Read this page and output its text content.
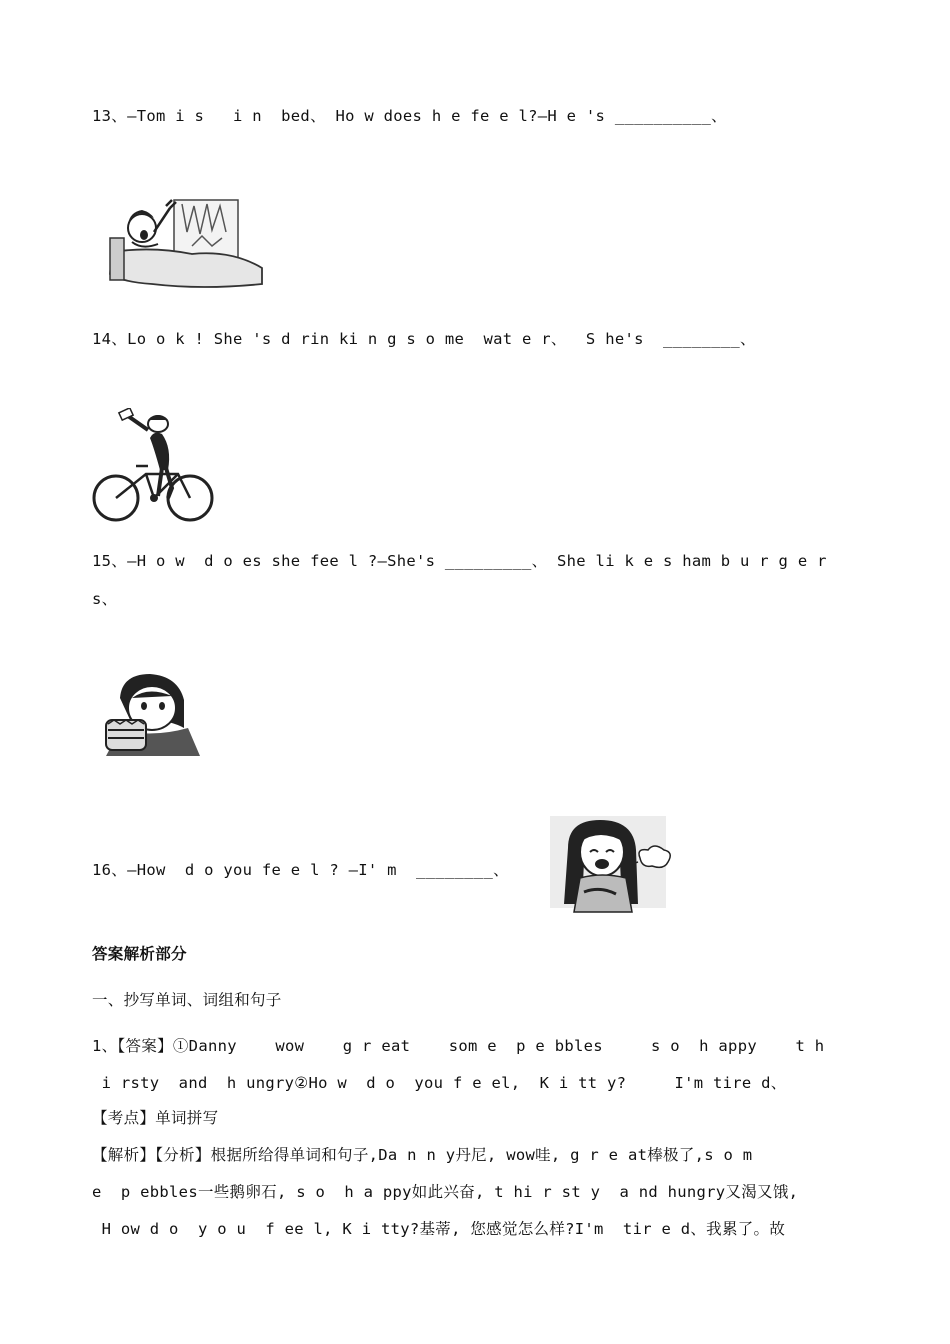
13、—Tom i s   i n  bed、 Ho w does h e fe e l?—H e 's __________、
14、Lo o k ! She 's d rin ki n g s o me  wat e r、  S he's  ________、
15、—H o w  d o es she fee l ?—She's _________、 She li k e s ham b u r g e r
s、
16、—How  d o you fe e l ? —I' m  ________、
答案解析部分
一、抄写单词、词组和句子
1、【答案】①Danny    wow    g r eat    som e  p e bbles     s o  h appy    t h
i rsty  and  h ungry②Ho w  d o  you f e el,  K i tt y?     I'm tire d、
【考点】单词拼写
【解析】【分析】根据所给得单词和句子,Da n n y丹尼, wow哇, g r e at棒极了,s o m
e  p ebbles一些鹅卵石, s o  h a ppy如此兴奋, t hi r st y  a nd hungry又渴又饿,
H ow d o  y o u  f ee l, K i tty?基蒂, 您感觉怎么样?I'm  tir e d、我累了。故
